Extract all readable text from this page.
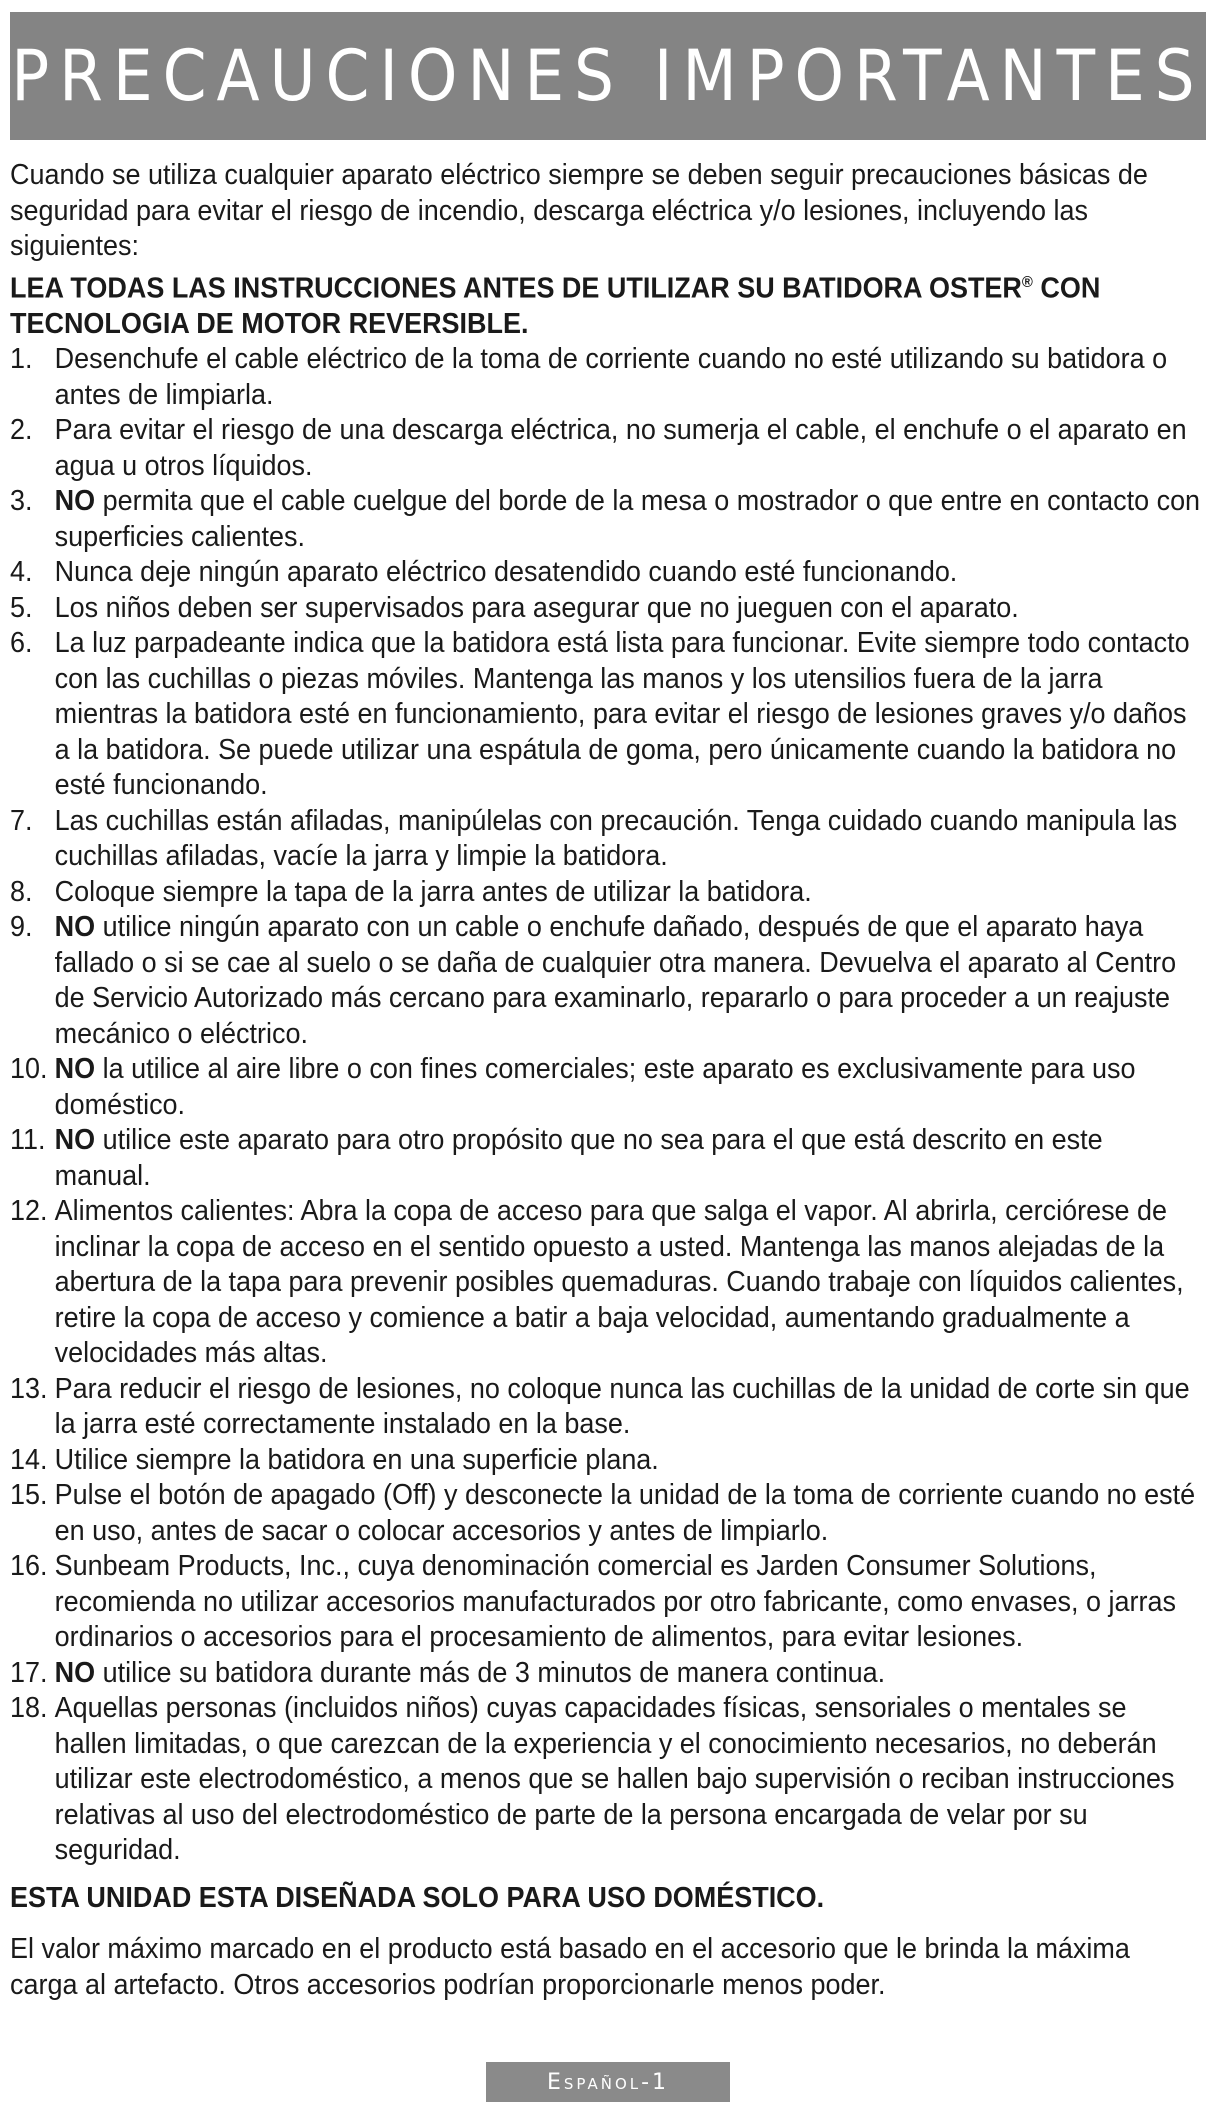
PRECAUCIONES IMPORTANTES

Cuando se utiliza cualquier aparato eléctrico siempre se deben seguir precauciones básicas de seguridad para evitar el riesgo de incendio, descarga eléctrica y/o lesiones, incluyendo las siguientes:

LEA TODAS LAS INSTRUCCIONES ANTES DE UTILIZAR SU BATIDORA OSTER® CON TECNOLOGIA DE MOTOR REVERSIBLE.

1. Desenchufe el cable eléctrico de la toma de corriente cuando no esté utilizando su batidora o antes de limpiarla.
2. Para evitar el riesgo de una descarga eléctrica, no sumerja el cable, el enchufe o el aparato en agua u otros líquidos.
3. NO permita que el cable cuelgue del borde de la mesa o mostrador o que entre en contacto con superficies calientes.
4. Nunca deje ningún aparato eléctrico desatendido cuando esté funcionando.
5. Los niños deben ser supervisados para asegurar que no jueguen con el aparato.
6. La luz parpadeante indica que la batidora está lista para funcionar. Evite siempre todo contacto con las cuchillas o piezas móviles. Mantenga las manos y los utensilios fuera de la jarra mientras la batidora esté en funcionamiento, para evitar el riesgo de lesiones graves y/o daños a la batidora. Se puede utilizar una espátula de goma, pero únicamente cuando la batidora no esté funcionando.
7. Las cuchillas están afiladas, manipúlelas con precaución. Tenga cuidado cuando manipula las cuchillas afiladas, vacíe la jarra y limpie la batidora.
8. Coloque siempre la tapa de la jarra antes de utilizar la batidora.
9. NO utilice ningún aparato con un cable o enchufe dañado, después de que el aparato haya fallado o si se cae al suelo o se daña de cualquier otra manera. Devuelva el aparato al Centro de Servicio Autorizado más cercano para examinarlo, repararlo o para proceder a un reajuste mecánico o eléctrico.
10. NO la utilice al aire libre o con fines comerciales; este aparato es exclusivamente para uso doméstico.
11. NO utilice este aparato para otro propósito que no sea para el que está descrito en este manual.
12. Alimentos calientes: Abra la copa de acceso para que salga el vapor. Al abrirla, cerciórese de inclinar la copa de acceso en el sentido opuesto a usted. Mantenga las manos alejadas de la abertura de la tapa para prevenir posibles quemaduras. Cuando trabaje con líquidos calientes, retire la copa de acceso y comience a batir a baja velocidad, aumentando gradualmente a velocidades más altas.
13. Para reducir el riesgo de lesiones, no coloque nunca las cuchillas de la unidad de corte sin que la jarra esté correctamente instalado en la base.
14. Utilice siempre la batidora en una superficie plana.
15. Pulse el botón de apagado (Off) y desconecte la unidad de la toma de corriente cuando no esté en uso, antes de sacar o colocar accesorios y antes de limpiarlo.
16. Sunbeam Products, Inc., cuya denominación comercial es Jarden Consumer Solutions, recomienda no utilizar accesorios manufacturados por otro fabricante, como envases, o jarras ordinarios o accesorios para el procesamiento de alimentos, para evitar lesiones.
17. NO utilice su batidora durante más de 3 minutos de manera continua.
18. Aquellas personas (incluidos niños) cuyas capacidades físicas, sensoriales o mentales se hallen limitadas, o que carezcan de la experiencia y el conocimiento necesarios, no deberán utilizar este electrodoméstico, a menos que se hallen bajo supervisión o reciban instrucciones relativas al uso del electrodoméstico de parte de la persona encargada de velar por su seguridad.

ESTA UNIDAD ESTA DISEÑADA SOLO PARA USO DOMÉSTICO.

El valor máximo marcado en el producto está basado en el accesorio que le brinda la máxima carga al artefacto. Otros accesorios podrían proporcionarle menos poder.

Español-1
